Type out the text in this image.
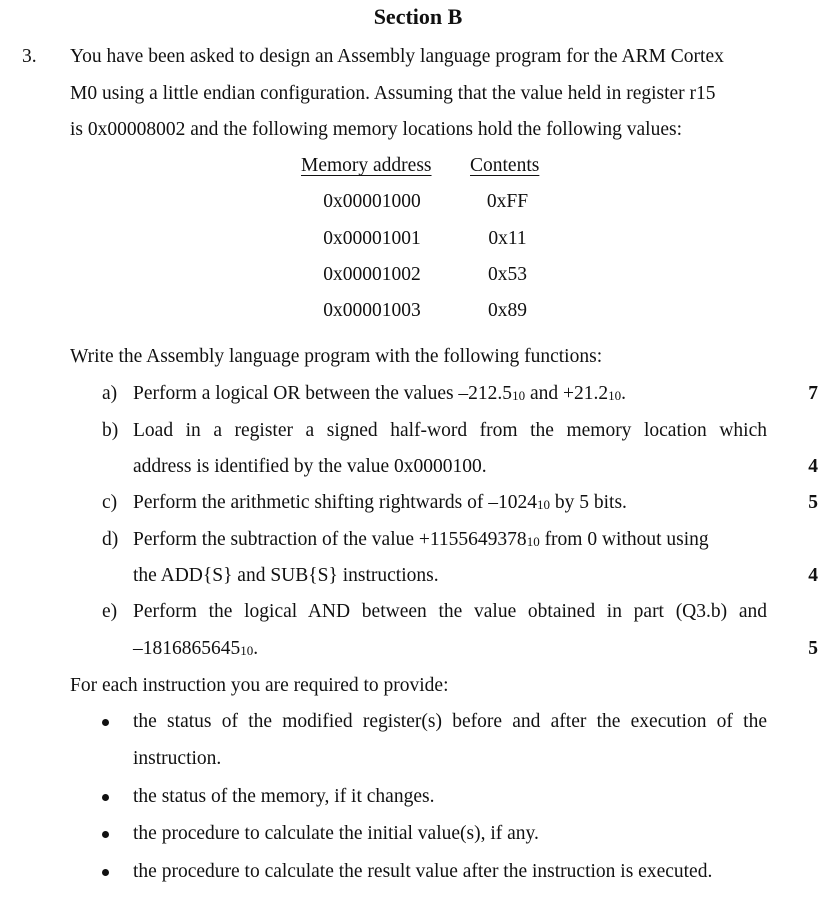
Section B
3. You have been asked to design an Assembly language program for the ARM Cortex
M0 using a little endian configuration. Assuming that the value held in register r15
is 0x00008002 and the following memory locations hold the following values:
Memory address Contents
0x00001000	0xFF
0x00001001	0x11
0x00001002	0x53
0x00001003	0x89
Write the Assembly language program with the following functions:
a) Perform a logical OR between the values $-212.5_{10}$ and $+21.2_{10}$.	7
b) Load in a register a signed half-word from the memory location which
address is identified by the value 0x0000100.	4
c) Perform the arithmetic shifting rightwards of $-1024_{10}$ by 5 bits.	5
d) Perform the subtraction of the value $+1155649378_{10}$ from 0 without using
the ADD{S} and SUB{S} instructions.	4
e) Perform the logical AND between the value obtained in part (Q3.b) and
$-1816865645_{10}$.	5
For each instruction you are required to provide:
the status of the modified register(s) before and after the execution of the
instruction.
the status of the memory, if it changes.
the procedure to calculate the initial value(s), if any.
the procedure to calculate the result value after the instruction is executed.
